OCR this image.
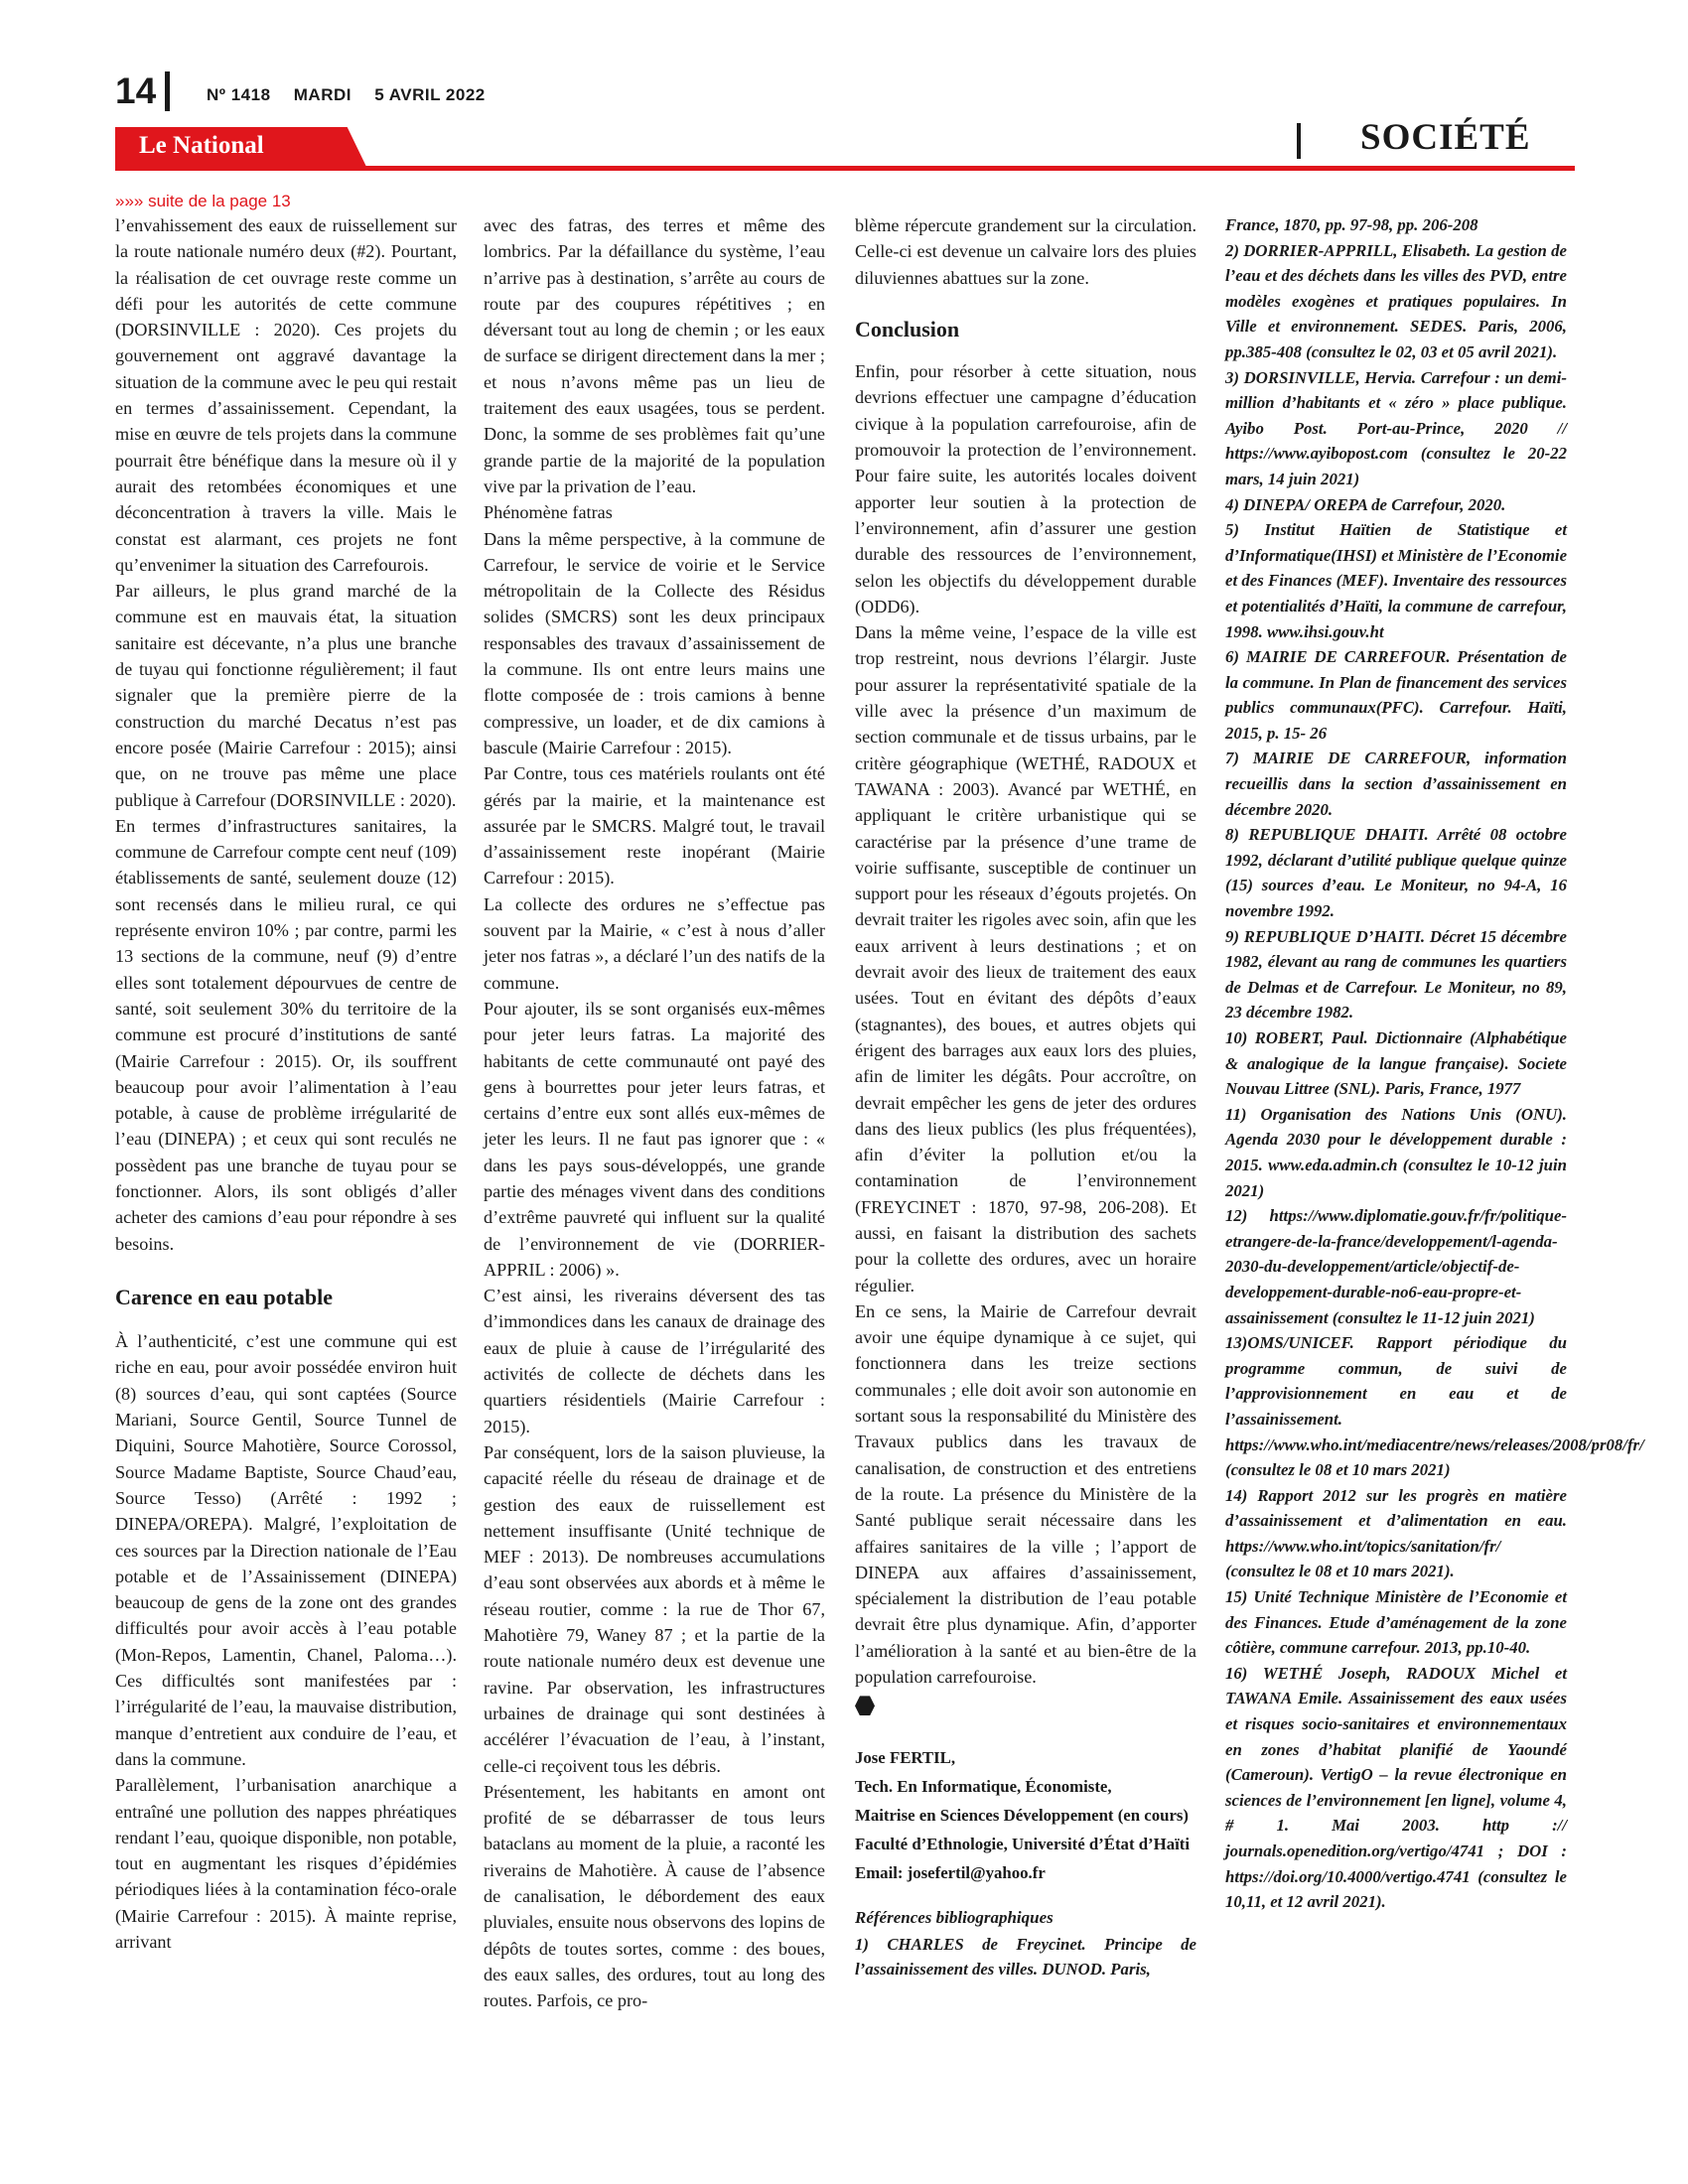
14	Nº 1418 MARDI 5 AVRIL 2022
Le National	SOCIÉTÉ
»»» suite de la page 13

l’envahissement des eaux de ruissellement sur la route nationale numéro deux (#2). Pourtant, la réalisation de cet ouvrage reste comme un défi pour les autorités de cette commune (DORSINVILLE : 2020). Ces projets du gouvernement ont aggravé davantage la situation de la commune avec le peu qui restait en termes d’assainissement. Cependant, la mise en œuvre de tels projets dans la commune pourrait être bénéfique dans la mesure où il y aurait des retombées économiques et une déconcentration à travers la ville. Mais le constat est alarmant, ces projets ne font qu’envenimer la situation des Carrefourois.

Par ailleurs, le plus grand marché de la commune est en mauvais état, la situation sanitaire est décevante, n’a plus une branche de tuyau qui fonctionne régulièrement; il faut signaler que la première pierre de la construction du marché Decatus n’est pas encore posée (Mairie Carrefour : 2015); ainsi que, on ne trouve pas même une place publique à Carrefour (DORSINVILLE : 2020).

En termes d’infrastructures sanitaires, la commune de Carrefour compte cent neuf (109) établissements de santé, seulement douze (12) sont recensés dans le milieu rural, ce qui représente environ 10% ; par contre, parmi les 13 sections de la commune, neuf (9) d’entre elles sont totalement dépourvues de centre de santé, soit seulement 30% du territoire de la commune est procuré d’institutions de santé (Mairie Carrefour : 2015). Or, ils souffrent beaucoup pour avoir l’alimentation à l’eau potable, à cause de problème irrégularité de l’eau (DINEPA) ; et ceux qui sont reculés ne possèdent pas une branche de tuyau pour se fonctionner. Alors, ils sont obligés d’aller acheter des camions d’eau pour répondre à ses besoins.

Carence en eau potable

À l’authenticité, c’est une commune qui est riche en eau, pour avoir possédée environ huit (8) sources d’eau, qui sont captées (Source Mariani, Source Gentil, Source Tunnel de Diquini, Source Mahotière, Source Corossol, Source Madame Baptiste, Source Chaud’eau, Source Tesso) (Arrêté : 1992 ; DINEPA/OREPA). Malgré, l’exploitation de ces sources par la Direction nationale de l’Eau potable et de l’Assainissement (DINEPA) beaucoup de gens de la zone ont des grandes difficultés pour avoir accès à l’eau potable (Mon-Repos, Lamentin, Chanel, Paloma…). Ces difficultés sont manifestées par : l’irrégularité de l’eau, la mauvaise distribution, manque d’entretient aux conduire de l’eau, et dans la commune.

Parallèlement, l’urbanisation anarchique a entraîné une pollution des nappes phréatiques rendant l’eau, quoique disponible, non potable, tout en augmentant les risques d’épidémies périodiques liées à la contamination féco-orale (Mairie Carrefour : 2015). À mainte reprise, arrivant

avec des fatras, des terres et même des lombrics. Par la défaillance du système, l’eau n’arrive pas à destination, s’arrête au cours de route par des coupures répétitives ; en déversant tout au long de chemin ; or les eaux de surface se dirigent directement dans la mer ; et nous n’avons même pas un lieu de traitement des eaux usagées, tous se perdent. Donc, la somme de ses problèmes fait qu’une grande partie de la majorité de la population vive par la privation de l’eau.

Phénomène fatras

Dans la même perspective, à la commune de Carrefour, le service de voirie et le Service métropolitain de la Collecte des Résidus solides (SMCRS) sont les deux principaux responsables des travaux d’assainissement de la commune. Ils ont entre leurs mains une flotte composée de : trois camions à benne compressive, un loader, et de dix camions à bascule (Mairie Carrefour : 2015).

Par Contre, tous ces matériels roulants ont été gérés par la mairie, et la maintenance est assurée par le SMCRS. Malgré tout, le travail d’assainissement reste inopérant (Mairie Carrefour : 2015).

La collecte des ordures ne s’effectue pas souvent par la Mairie, « c’est à nous d’aller jeter nos fatras », a déclaré l’un des natifs de la commune.

Pour ajouter, ils se sont organisés eux-mêmes pour jeter leurs fatras. La majorité des habitants de cette communauté ont payé des gens à bourrettes pour jeter leurs fatras, et certains d’entre eux sont allés eux-mêmes de jeter les leurs. Il ne faut pas ignorer que : « dans les pays sous-développés, une grande partie des ménages vivent dans des conditions d’extrême pauvreté qui influent sur la qualité de l’environnement de vie (DORRIER-APPRIL : 2006) ».

C’est ainsi, les riverains déversent des tas d’immondices dans les canaux de drainage des eaux de pluie à cause de l’irrégularité des activités de collecte de déchets dans les quartiers résidentiels (Mairie Carrefour : 2015).

Par conséquent, lors de la saison pluvieuse, la capacité réelle du réseau de drainage et de gestion des eaux de ruissellement est nettement insuffisante (Unité technique de MEF : 2013). De nombreuses accumulations d’eau sont observées aux abords et à même le réseau routier, comme : la rue de Thor 67, Mahotière 79, Waney 87 ; et la partie de la route nationale numéro deux est devenue une ravine. Par observation, les infrastructures urbaines de drainage qui sont destinées à accélérer l’évacuation de l’eau, à l’instant, celle-ci reçoivent tous les débris.

Présentement, les habitants en amont ont profité de se débarrasser de tous leurs bataclans au moment de la pluie, a raconté les riverains de Mahotière. À cause de l’absence de canalisation, le débordement des eaux pluviales, ensuite nous observons des lopins de dépôts de toutes sortes, comme : des boues, des eaux salles, des ordures, tout au long des routes. Parfois, ce pro-

blème répercute grandement sur la circulation. Celle-ci est devenue un calvaire lors des pluies diluviennes abattues sur la zone.

Conclusion

Enfin, pour résorber à cette situation, nous devrions effectuer une campagne d’éducation civique à la population carrefouroise, afin de promouvoir la protection de l’environnement. Pour faire suite, les autorités locales doivent apporter leur soutien à la protection de l’environnement, afin d’assurer une gestion durable des ressources de l’environnement, selon les objectifs du développement durable (ODD6).

Dans la même veine, l’espace de la ville est trop restreint, nous devrions l’élargir. Juste pour assurer la représentativité spatiale de la ville avec la présence d’un maximum de section communale et de tissus urbains, par le critère géographique (WETHÉ, RADOUX et TAWANA : 2003). Avancé par WETHÉ, en appliquant le critère urbanistique qui se caractérise par la présence d’une trame de voirie suffisante, susceptible de continuer un support pour les réseaux d’égouts projetés. On devrait traiter les rigoles avec soin, afin que les eaux arrivent à leurs destinations ; et on devrait avoir des lieux de traitement des eaux usées. Tout en évitant des dépôts d’eaux (stagnantes), des boues, et autres objets qui érigent des barrages aux eaux lors des pluies, afin de limiter les dégâts. Pour accroître, on devrait empêcher les gens de jeter des ordures dans des lieux publics (les plus fréquentées), afin d’éviter la pollution et/ou la contamination de l’environnement (FREYCINET : 1870, 97-98, 206-208). Et aussi, en faisant la distribution des sachets pour la collette des ordures, avec un horaire régulier.

En ce sens, la Mairie de Carrefour devrait avoir une équipe dynamique à ce sujet, qui fonctionnera dans les treize sections communales ; elle doit avoir son autonomie en sortant sous la responsabilité du Ministère des Travaux publics dans les travaux de canalisation, de construction et des entretiens de la route. La présence du Ministère de la Santé publique serait nécessaire dans les affaires sanitaires de la ville ; l’apport de DINEPA aux affaires d’assainissement, spécialement la distribution de l’eau potable devrait être plus dynamique. Afin, d’apporter l’amélioration à la santé et au bien-être de la population carrefouroise.

Jose FERTIL,

Tech. En Informatique, Économiste,

Maitrise en Sciences Développement (en cours)

Faculté d’Ethnologie, Université d’État d’Haïti

Email: josefertil@yahoo.fr

Références bibliographiques

1) CHARLES de Freycinet. Principe de l’assainissement des villes. DUNOD. Paris,

France, 1870, pp. 97-98, pp. 206-208

2) DORRIER-APPRILL, Elisabeth. La gestion de l’eau et des déchets dans les villes des PVD, entre modèles exogènes et pratiques populaires. In Ville et environnement. SEDES. Paris, 2006, pp.385-408 (consultez le 02, 03 et 05 avril 2021).

3) DORSINVILLE, Hervia. Carrefour : un demi-million d’habitants et « zéro » place publique. Ayibo Post. Port-au-Prince, 2020 // https://www.ayibopost.com (consultez le 20-22 mars, 14 juin 2021)

4) DINEPA/ OREPA de Carrefour, 2020.

5) Institut Haïtien de Statistique et d’Informatique(IHSI) et Ministère de l’Economie et des Finances (MEF). Inventaire des ressources et potentialités d’Haïti, la commune de carrefour, 1998. www.ihsi.gouv.ht

6) MAIRIE DE CARREFOUR. Présentation de la commune. In Plan de financement des services publics communaux(PFC). Carrefour. Haïti, 2015, p. 15- 26

7) MAIRIE DE CARREFOUR, information recueillis dans la section d’assainissement en décembre 2020.

8) REPUBLIQUE DHAITI. Arrêté 08 octobre 1992, déclarant d’utilité publique quelque quinze (15) sources d’eau. Le Moniteur, no 94-A, 16 novembre 1992.

9) REPUBLIQUE D’HAITI. Décret 15 décembre 1982, élevant au rang de communes les quartiers de Delmas et de Carrefour. Le Moniteur, no 89, 23 décembre 1982.

10) ROBERT, Paul. Dictionnaire (Alphabétique & analogique de la langue française). Societe Nouvau Littree (SNL). Paris, France, 1977

11) Organisation des Nations Unis (ONU). Agenda 2030 pour le développement durable : 2015. www.eda.admin.ch (consultez le 10-12 juin 2021)

12) https://www.diplomatie.gouv.fr/fr/politique-etrangere-de-la-france/developpement/l-agenda-2030-du-developpement/article/objectif-de-developpement-durable-no6-eau-propre-et-assainissement (consultez le 11-12 juin 2021)

13)OMS/UNICEF. Rapport périodique du programme commun, de suivi de l’approvisionnement en eau et de l’assainissement. https://www.who.int/mediacentre/news/releases/2008/pr08/fr/ (consultez le 08 et 10 mars 2021)

14) Rapport 2012 sur les progrès en matière d’assainissement et d’alimentation en eau. https://www.who.int/topics/sanitation/fr/ (consultez le 08 et 10 mars 2021).

15) Unité Technique Ministère de l’Economie et des Finances. Etude d’aménagement de la zone côtière, commune carrefour. 2013, pp.10-40.

16) WETHÉ Joseph, RADOUX Michel et TAWANA Emile. Assainissement des eaux usées et risques socio-sanitaires et environnementaux en zones d’habitat planifié de Yaoundé (Cameroun). VertigO – la revue électronique en sciences de l’environnement [en ligne], volume 4, # 1. Mai 2003. http :// journals.openedition.org/vertigo/4741 ; DOI : https://doi.org/10.4000/vertigo.4741 (consultez le 10,11, et 12 avril 2021).
